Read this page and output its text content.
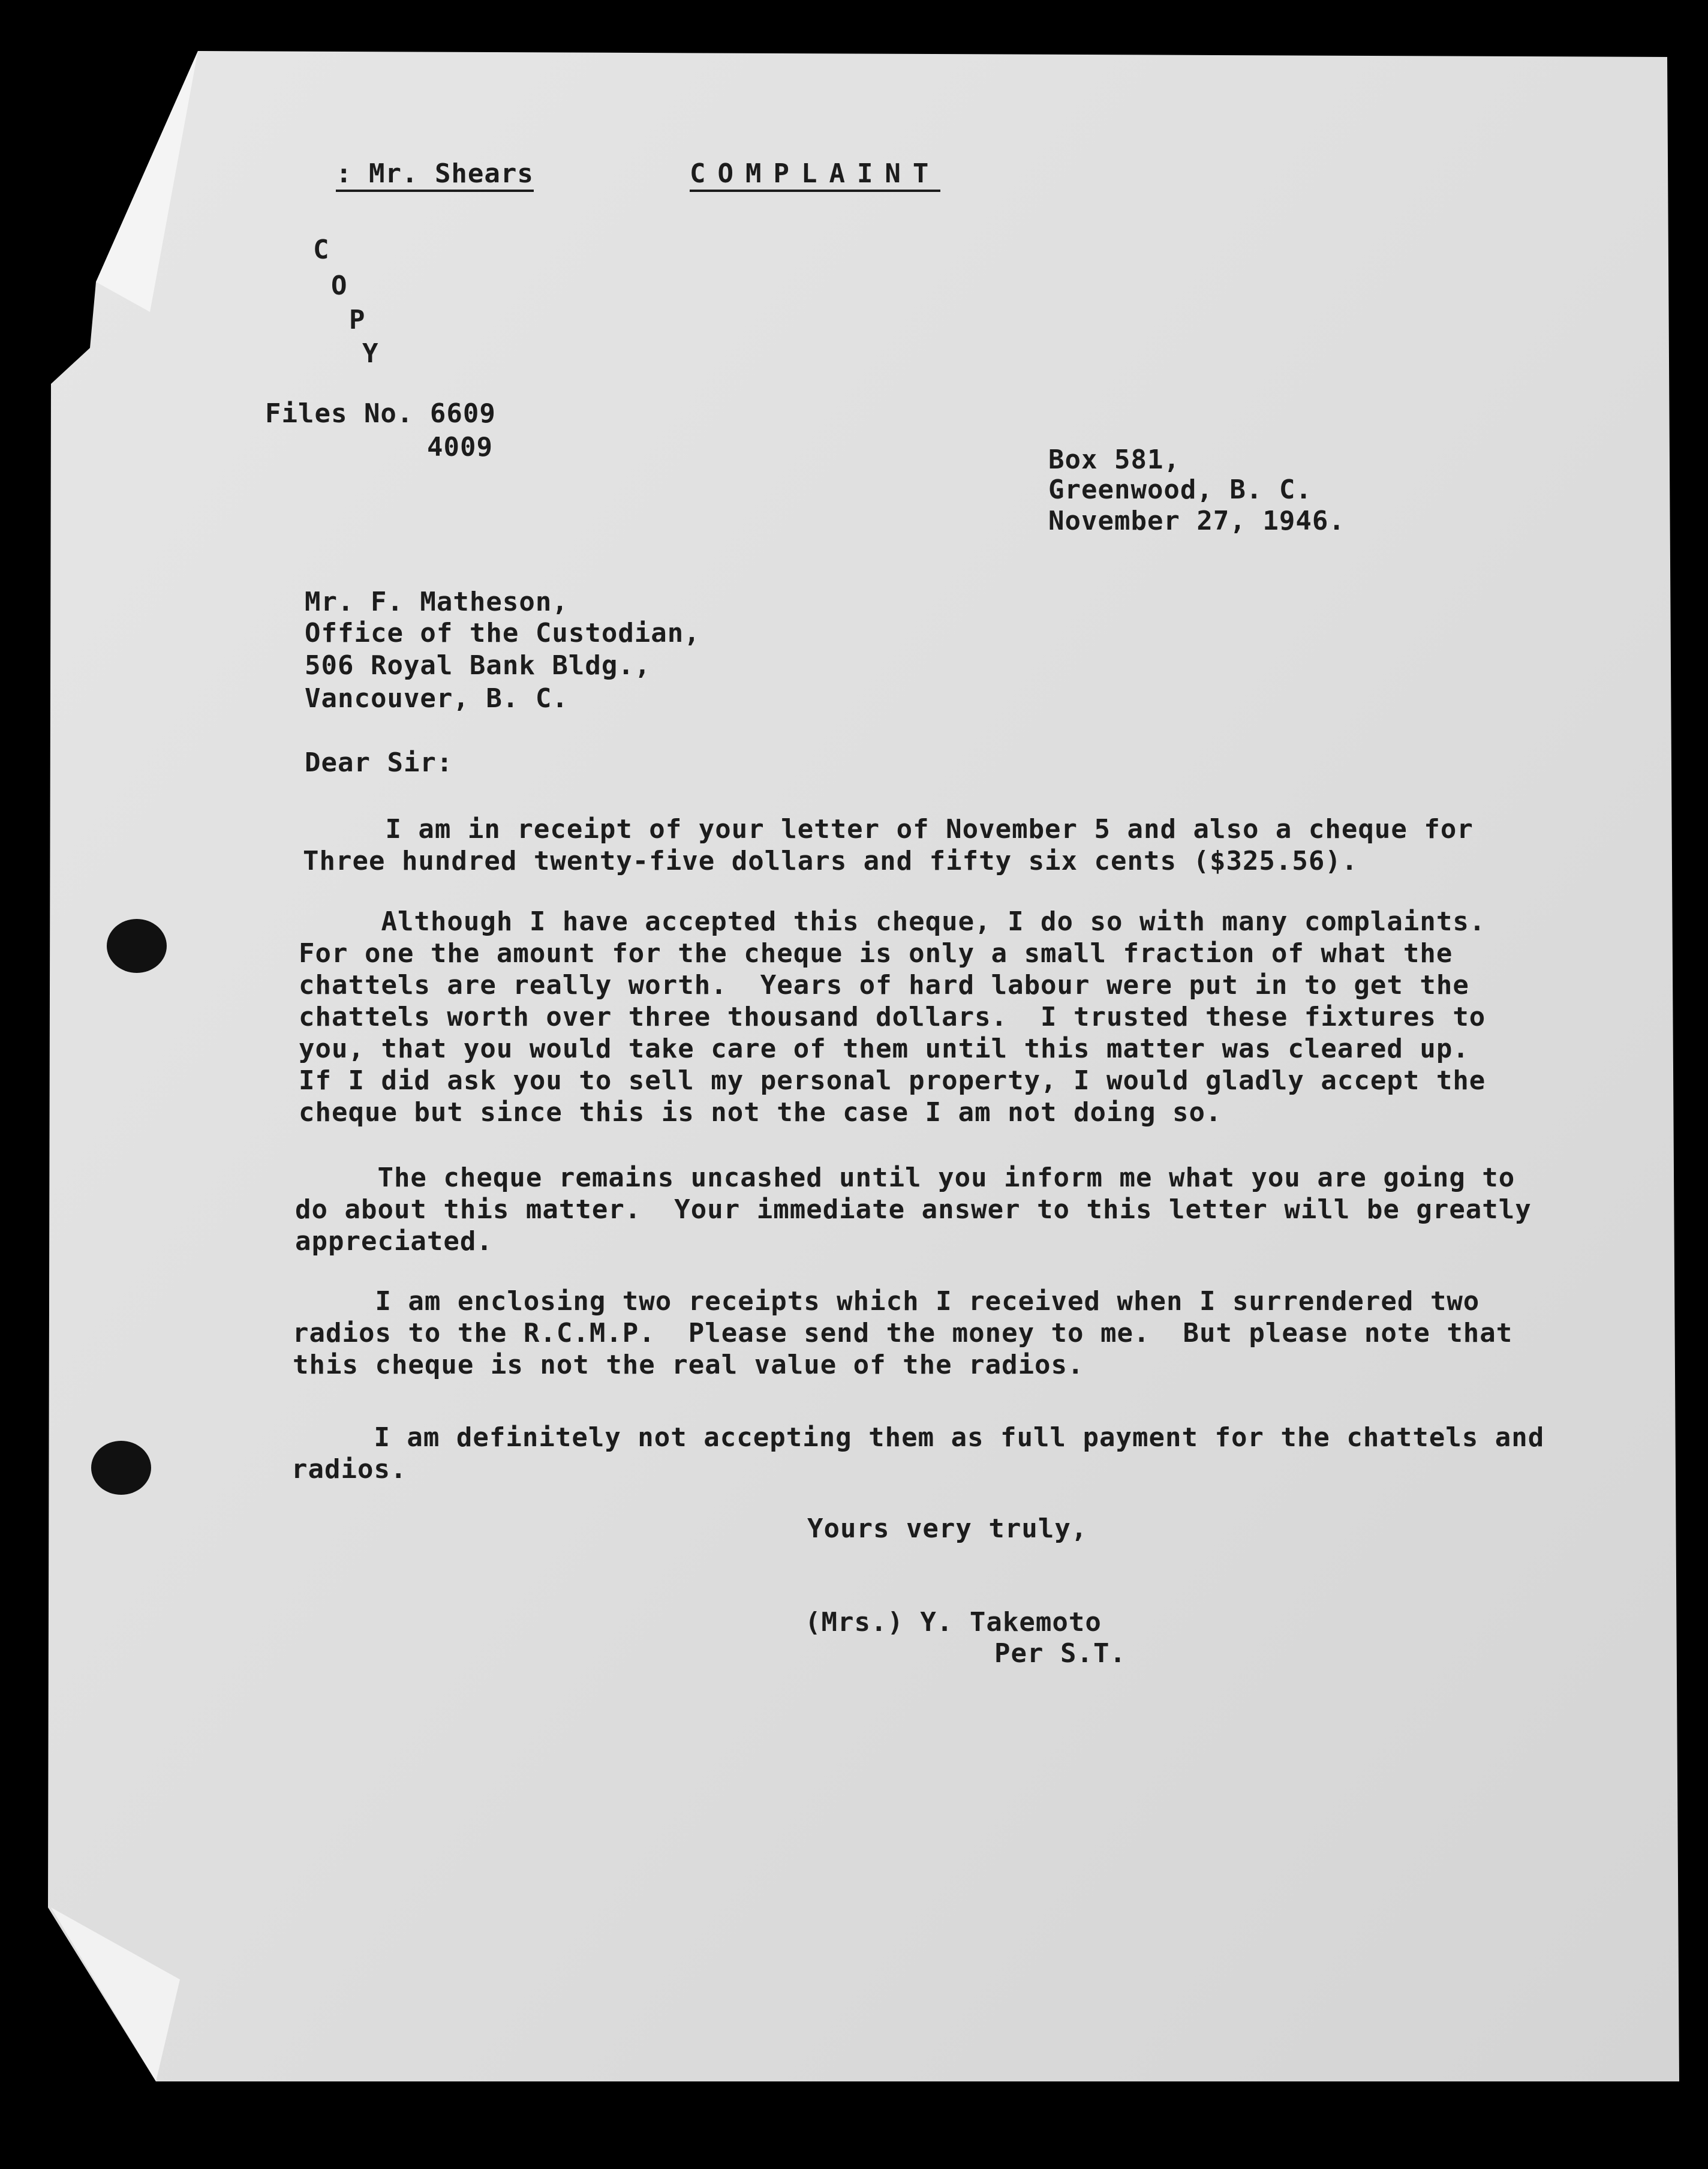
: Mr. Shears	COMPLAINT
C
O
P
Y
Files No. 6609
4009	Box 581,
Greenwood, B. C.
November 27, 1946.
Mr. F. Matheson,
Office of the Custodian,
506 Royal Bank Bldg.,
Vancouver, B. C.
Dear Sir:

I am in receipt of your letter of November 5 and also a cheque for
Three hundred twenty-five dollars and fifty six cents ($325.56).

Although I have accepted this cheque, I do so with many complaints.
For one the amount for the cheque is only a small fraction of what the
chattels are really worth.  Years of hard labour were put in to get the
chattels worth over three thousand dollars.  I trusted these fixtures to
you, that you would take care of them until this matter was cleared up.
If I did ask you to sell my personal property, I would gladly accept the
cheque but since this is not the case I am not doing so.

The cheque remains uncashed until you inform me what you are going to
do about this matter.  Your immediate answer to this letter will be greatly
appreciated.

I am enclosing two receipts which I received when I surrendered two
radios to the R.C.M.P.  Please send the money to me.  But please note that
this cheque is not the real value of the radios.

I am definitely not accepting them as full payment for the chattels and
radios.

Yours very truly,
(Mrs.) Y. Takemoto
Per S.T.
